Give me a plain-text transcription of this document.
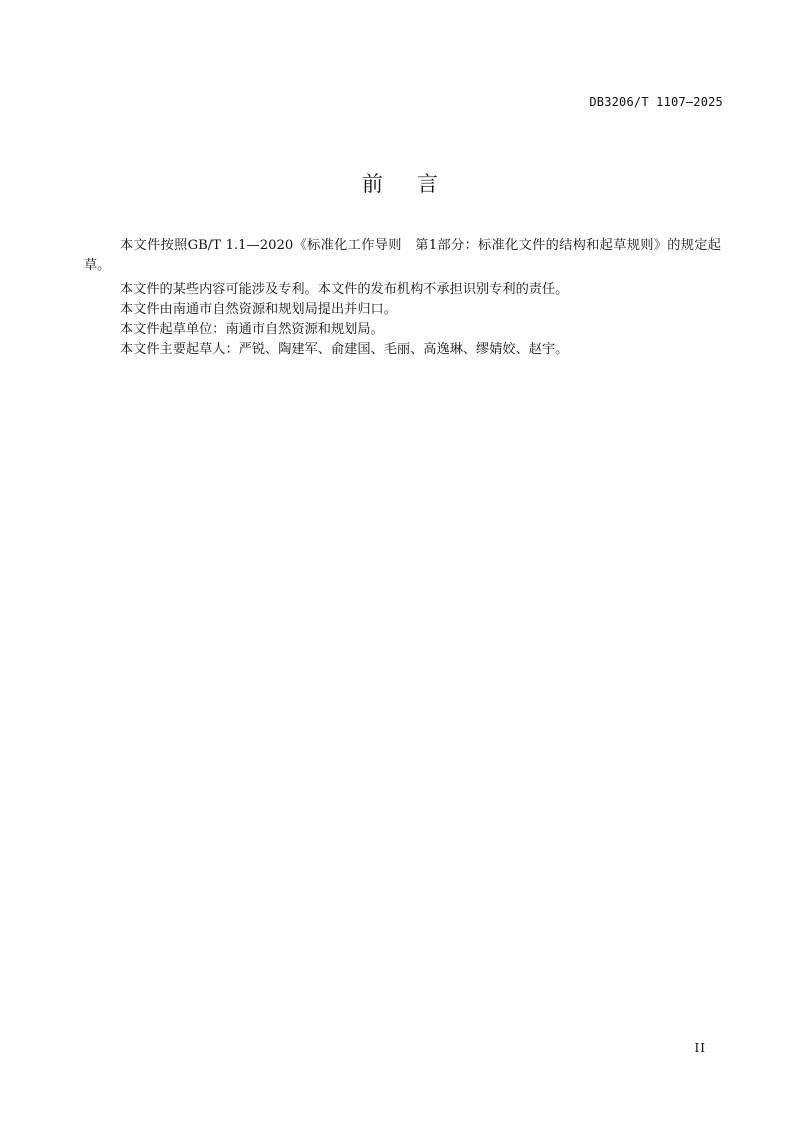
DB3206/T 1107—2025
前言

本文件按照GB/T 1.1—2020《标准化工作导则　第1部分：标准化文件的结构和起草规则》的规定起草。

本文件的某些内容可能涉及专利。本文件的发布机构不承担识别专利的责任。

本文件由南通市自然资源和规划局提出并归口。

本文件起草单位：南通市自然资源和规划局。

本文件主要起草人：严锐、陶建军、俞建国、毛丽、高逸琳、缪婧姣、赵宇。

II
